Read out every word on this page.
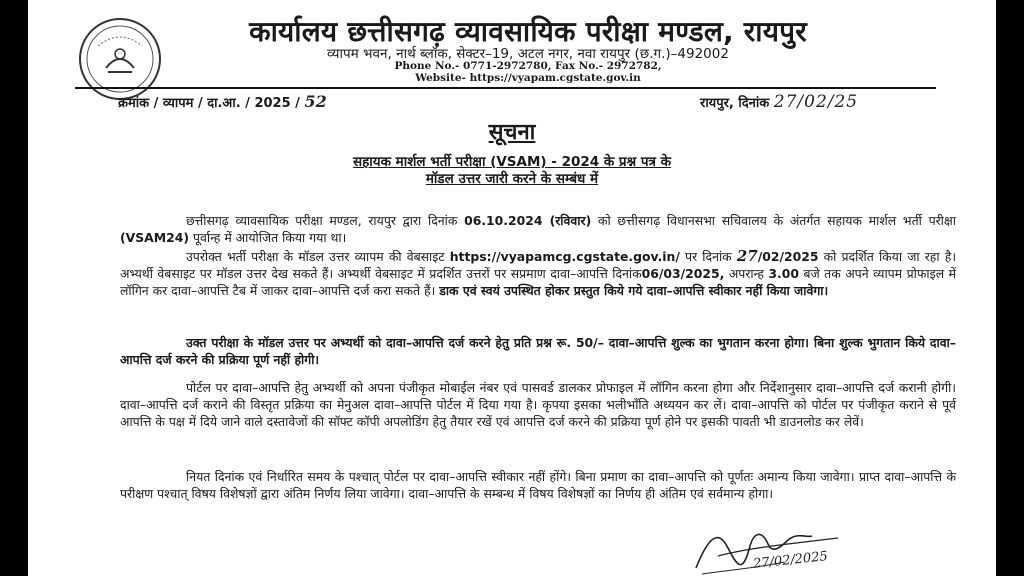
कार्यालय छत्तीसगढ़ व्यावसायिक परीक्षा मण्डल, रायपुर
व्यापम भवन, नार्थ ब्लॉक, सेक्टर–19, अटल नगर, नवा रायपुर (छ.ग.)–492002
Phone No.- 0771-2972780, Fax No.- 2972782,
Website- https://vyapam.cgstate.gov.in
क्रमांक / व्यापम / दा.आ. / 2025 / 52	रायपुर, दिनांक 27/02/25
सूचना
सहायक मार्शल भर्ती परीक्षा (VSAM) - 2024 के प्रश्न पत्र के
मॉडल उत्तर जारी करने के सम्बंध में
छत्तीसगढ़ व्यावसायिक परीक्षा मण्डल, रायपुर द्वारा दिनांक 06.10.2024 (रविवार) को छत्तीसगढ़ विधानसभा सचिवालय के अंतर्गत सहायक मार्शल भर्ती परीक्षा (VSAM24) पूर्वान्ह में आयोजित किया गया था।
उपरोक्त भर्ती परीक्षा के मॉडल उत्तर व्यापम की वेबसाइट https://vyapamcg.cgstate.gov.in/ पर दिनांक 27/02/2025 को प्रदर्शित किया जा रहा है। अभ्यर्थी वेबसाइट पर मॉडल उत्तर देख सकते हैं। अभ्यर्थी वेबसाइट में प्रदर्शित उत्तरों पर सप्रमाण दावा–आपत्ति दिनांक06/03/2025, अपरान्ह 3.00 बजे तक अपने व्यापम प्रोफाइल में लॉगिन कर दावा–आपत्ति टैब में जाकर दावा–आपत्ति दर्ज करा सकते हैं। डाक एवं स्वयं उपस्थित होकर प्रस्तुत किये गये दावा–आपत्ति स्वीकार नहीं किया जावेगा।
उक्त परीक्षा के मॉडल उत्तर पर अभ्यर्थी को दावा–आपत्ति दर्ज करने हेतु प्रति प्रश्न रू. 50/– दावा–आपत्ति शुल्क का भुगतान करना होगा। बिना शुल्क भुगतान किये दावा–आपत्ति दर्ज करने की प्रक्रिया पूर्ण नहीं होगी।
पोर्टल पर दावा–आपत्ति हेतु अभ्यर्थी को अपना पंजीकृत मोबाईल नंबर एवं पासवर्ड डालकर प्रोफाइल में लॉगिन करना होगा और निर्देशानुसार दावा–आपत्ति दर्ज करानी होगी। दावा–आपत्ति दर्ज कराने की विस्तृत प्रक्रिया का मेनुअल दावा–आपत्ति पोर्टल में दिया गया है। कृपया इसका भलीभाँति अध्ययन कर लें। दावा–आपत्ति को पोर्टल पर पंजीकृत कराने से पूर्व आपत्ति के पक्ष में दिये जाने वाले दस्तावेजों की सॉफ्ट कॉपी अपलोडिंग हेतु तैयार रखें एवं आपत्ति दर्ज करने की प्रक्रिया पूर्ण होने पर इसकी पावती भी डाउनलोड कर लेवें।
नियत दिनांक एवं निर्धारित समय के पश्चात् पोर्टल पर दावा–आपत्ति स्वीकार नहीं होंगे। बिना प्रमाण का दावा–आपत्ति को पूर्णतः अमान्य किया जावेगा। प्राप्त दावा–आपत्ति के परीक्षण पश्चात् विषय विशेषज्ञों द्वारा अंतिम निर्णय लिया जावेगा। दावा–आपत्ति के सम्बन्ध में विषय विशेषज्ञों का निर्णय ही अंतिम एवं सर्वमान्य होगा।
27/02/2025
